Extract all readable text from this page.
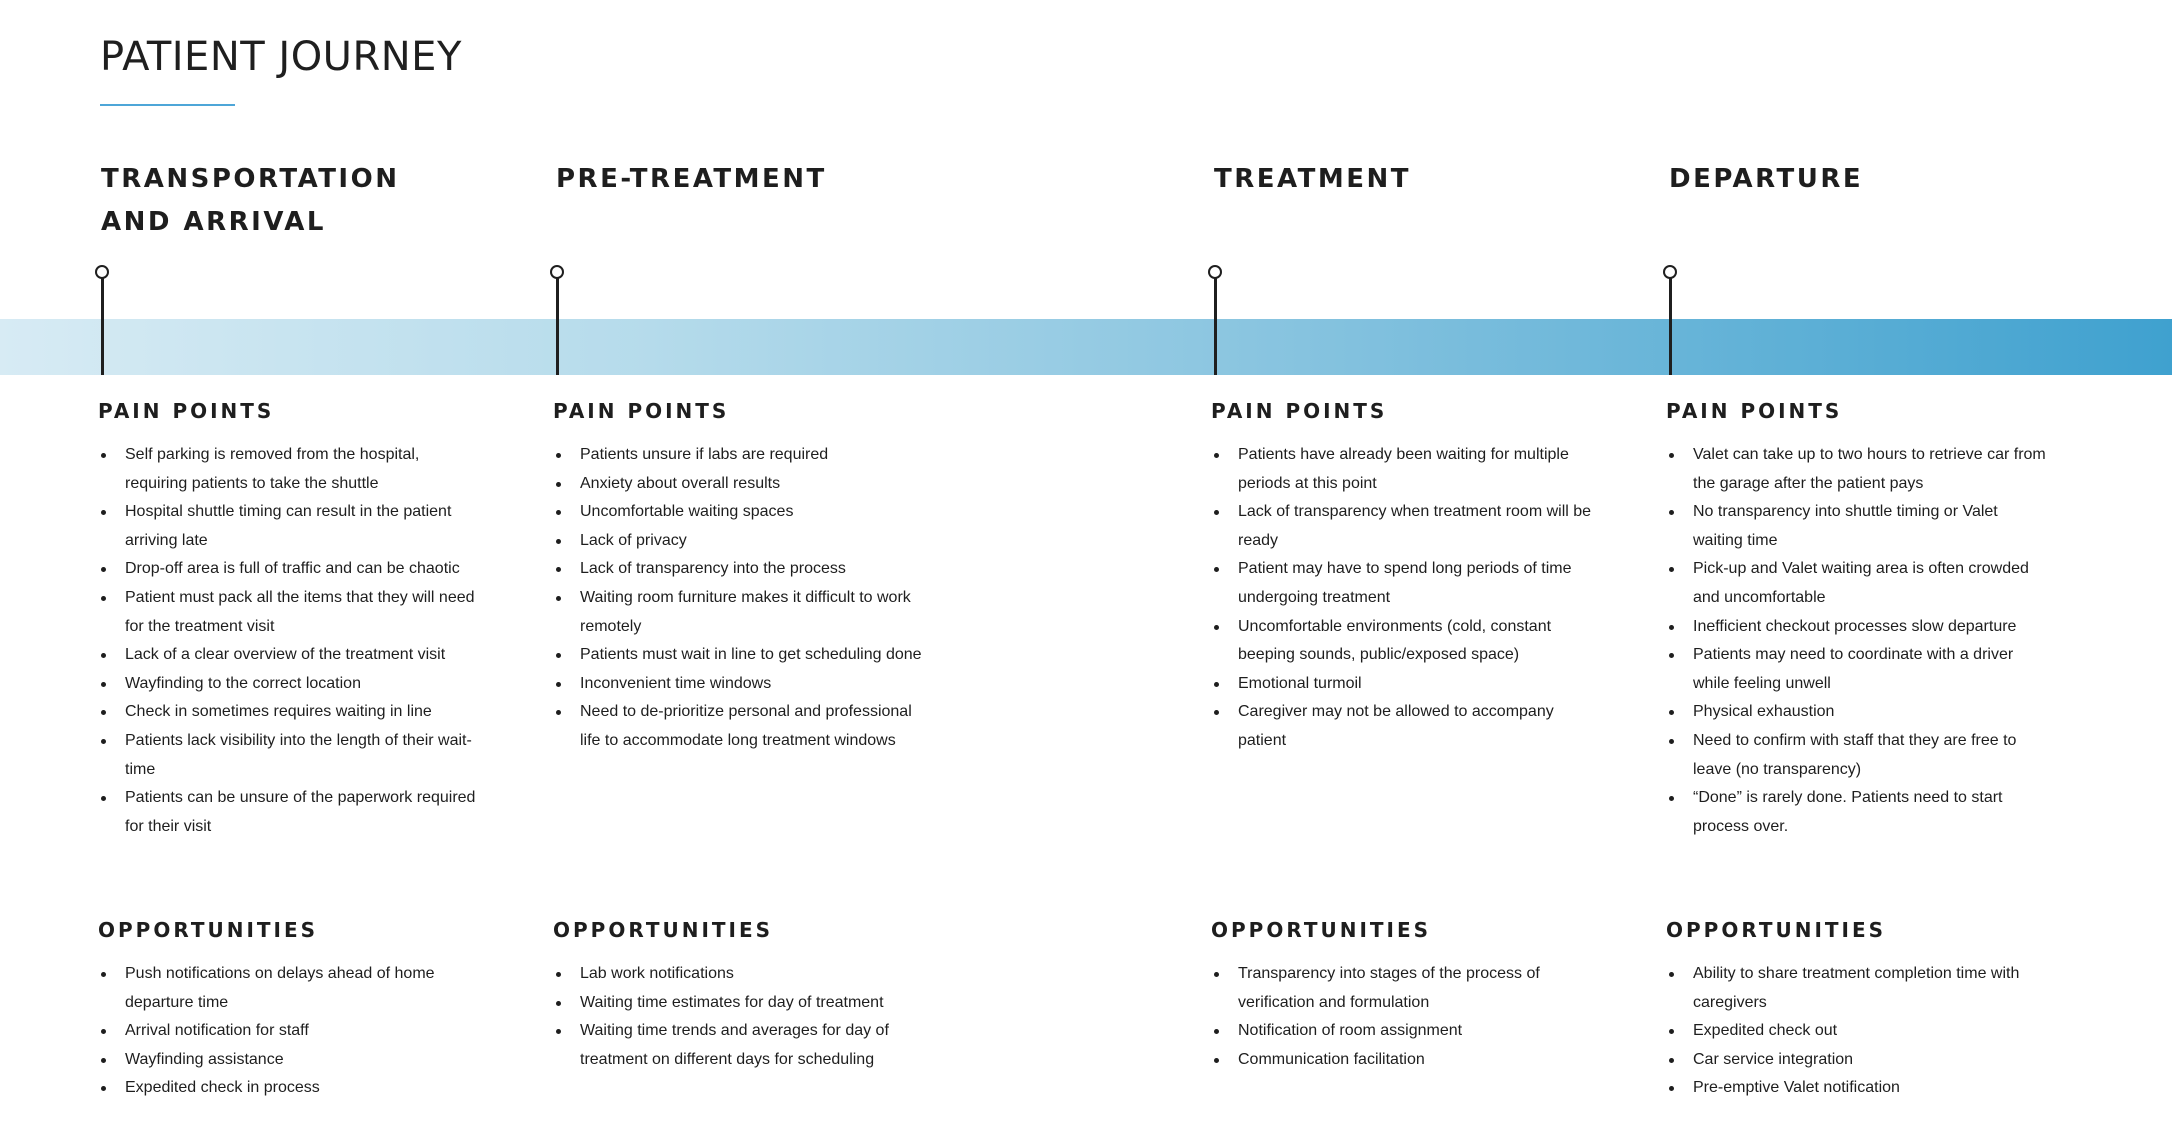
PATIENT JOURNEY
TRANSPORTATION AND ARRIVAL
PAIN POINTS
Self parking is removed from the hospital, requiring patients to take the shuttle
Hospital shuttle timing can result in the patient arriving late
Drop-off area is full of traffic and can be chaotic
Patient must pack all the items that they will need for the treatment visit
Lack of a clear overview of the treatment visit
Wayfinding to the correct location
Check in sometimes requires waiting in line
Patients lack visibility into the length of their wait-time
Patients can be unsure of the paperwork required for their visit
OPPORTUNITIES
Push notifications on delays ahead of home departure time
Arrival notification for staff
Wayfinding assistance
Expedited check in process
PRE-TREATMENT
PAIN POINTS
Patients unsure if labs are required
Anxiety about overall results
Uncomfortable waiting spaces
Lack of privacy
Lack of transparency into the process
Waiting room furniture makes it difficult to work remotely
Patients must wait in line to get scheduling done
Inconvenient time windows
Need to de-prioritize personal and professional life to accommodate long treatment windows
OPPORTUNITIES
Lab work notifications
Waiting time estimates for day of treatment
Waiting time trends and averages for day of treatment on different days for scheduling
TREATMENT
PAIN POINTS
Patients have already been waiting for multiple periods at this point
Lack of transparency when treatment room will be ready
Patient may have to spend long periods of time undergoing treatment
Uncomfortable environments (cold, constant beeping sounds, public/exposed space)
Emotional turmoil
Caregiver may not be allowed to accompany patient
OPPORTUNITIES
Transparency into stages of the process of verification and formulation
Notification of room assignment
Communication facilitation
DEPARTURE
PAIN POINTS
Valet can take up to two hours to retrieve car from the garage after the patient pays
No transparency into shuttle timing or Valet waiting time
Pick-up and Valet waiting area is often crowded and uncomfortable
Inefficient checkout processes slow departure
Patients may need to coordinate with a driver while feeling unwell
Physical exhaustion
Need to confirm with staff that they are free to leave (no transparency)
“Done” is rarely done. Patients need to start process over.
OPPORTUNITIES
Ability to share treatment completion time with caregivers
Expedited check out
Car service integration
Pre-emptive Valet notification
